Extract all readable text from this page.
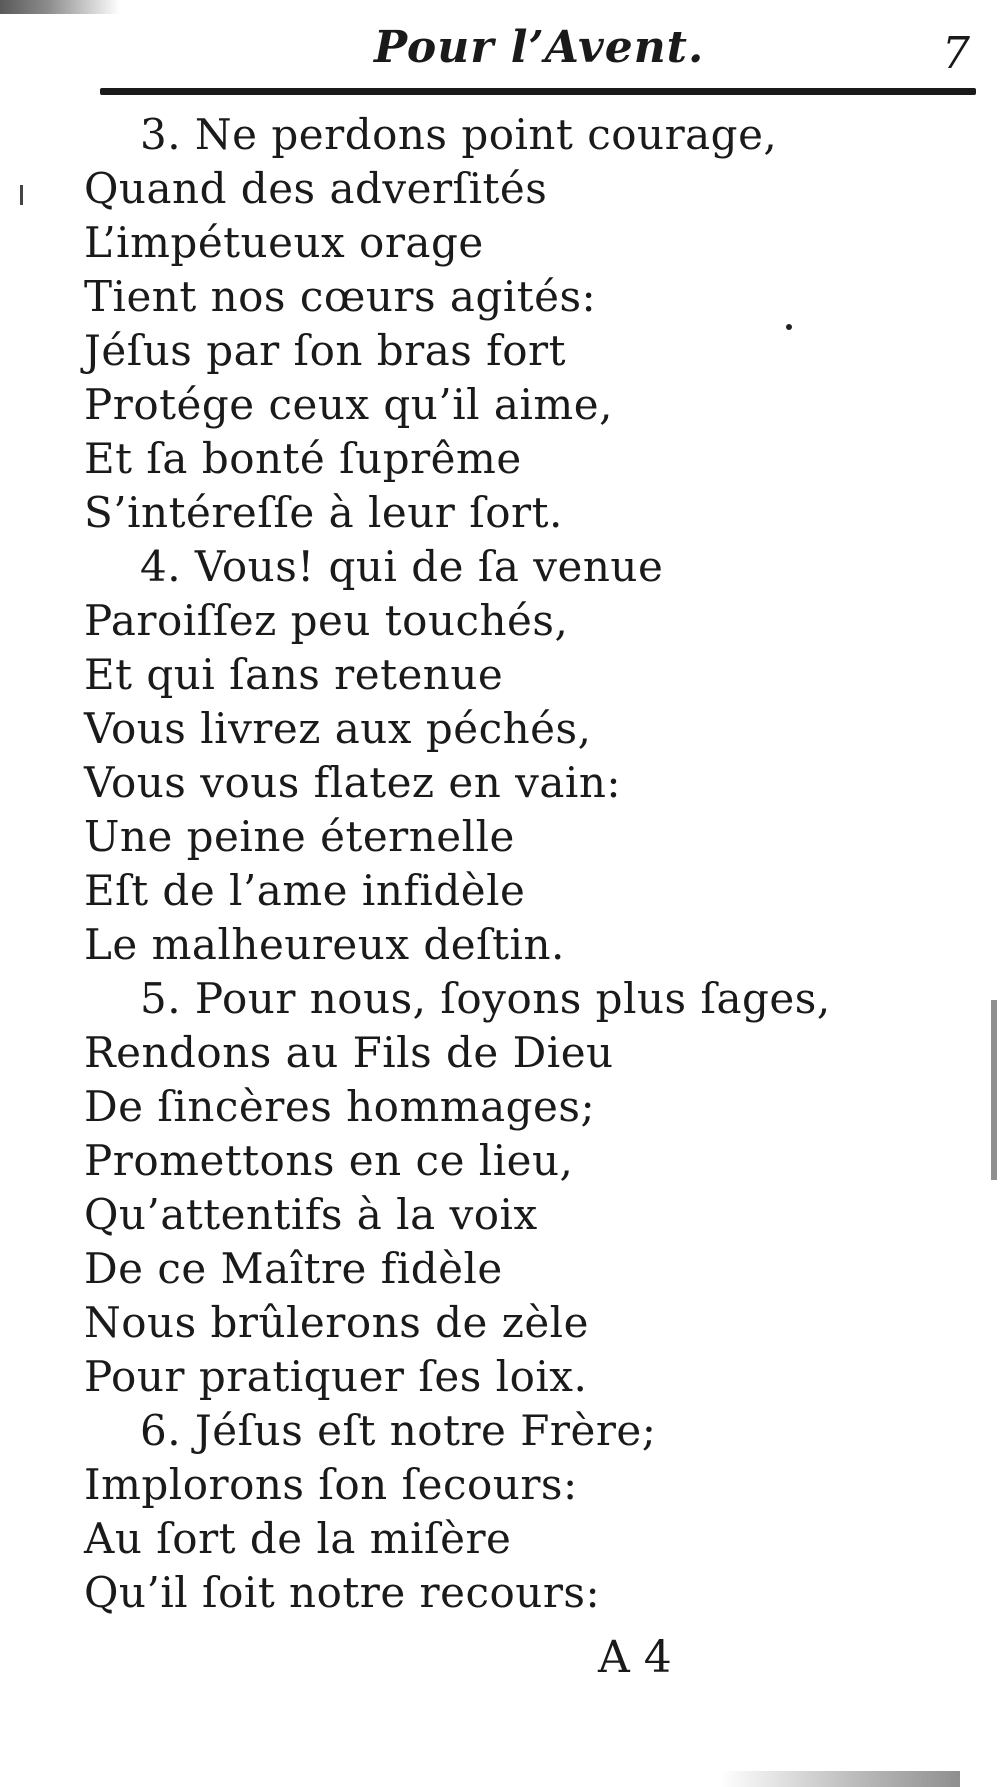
Pour l’Avent.	7
3. Ne perdons point courage,
Quand des adverſités
L’impétueux orage
Tient nos cœurs agités:
Jéſus par ſon bras fort
Protége ceux qu’il aime,
Et ſa bonté ſuprême
S’intéreſſe à leur ſort.
4. Vous! qui de ſa venue
Paroiſſez peu touchés,
Et qui ſans retenue
Vous livrez aux péchés,
Vous vous flatez en vain:
Une peine éternelle
Eſt de l’ame infidèle
Le malheureux deſtin.
5. Pour nous, ſoyons plus ſages,
Rendons au Fils de Dieu
De ſincères hommages;
Promettons en ce lieu,
Qu’attentifs à la voix
De ce Maître fidèle
Nous brûlerons de zèle
Pour pratiquer ſes loix.
6. Jéſus eſt notre Frère;
Implorons ſon ſecours:
Au ſort de la miſère
Qu’il ſoit notre recours:
A 4
